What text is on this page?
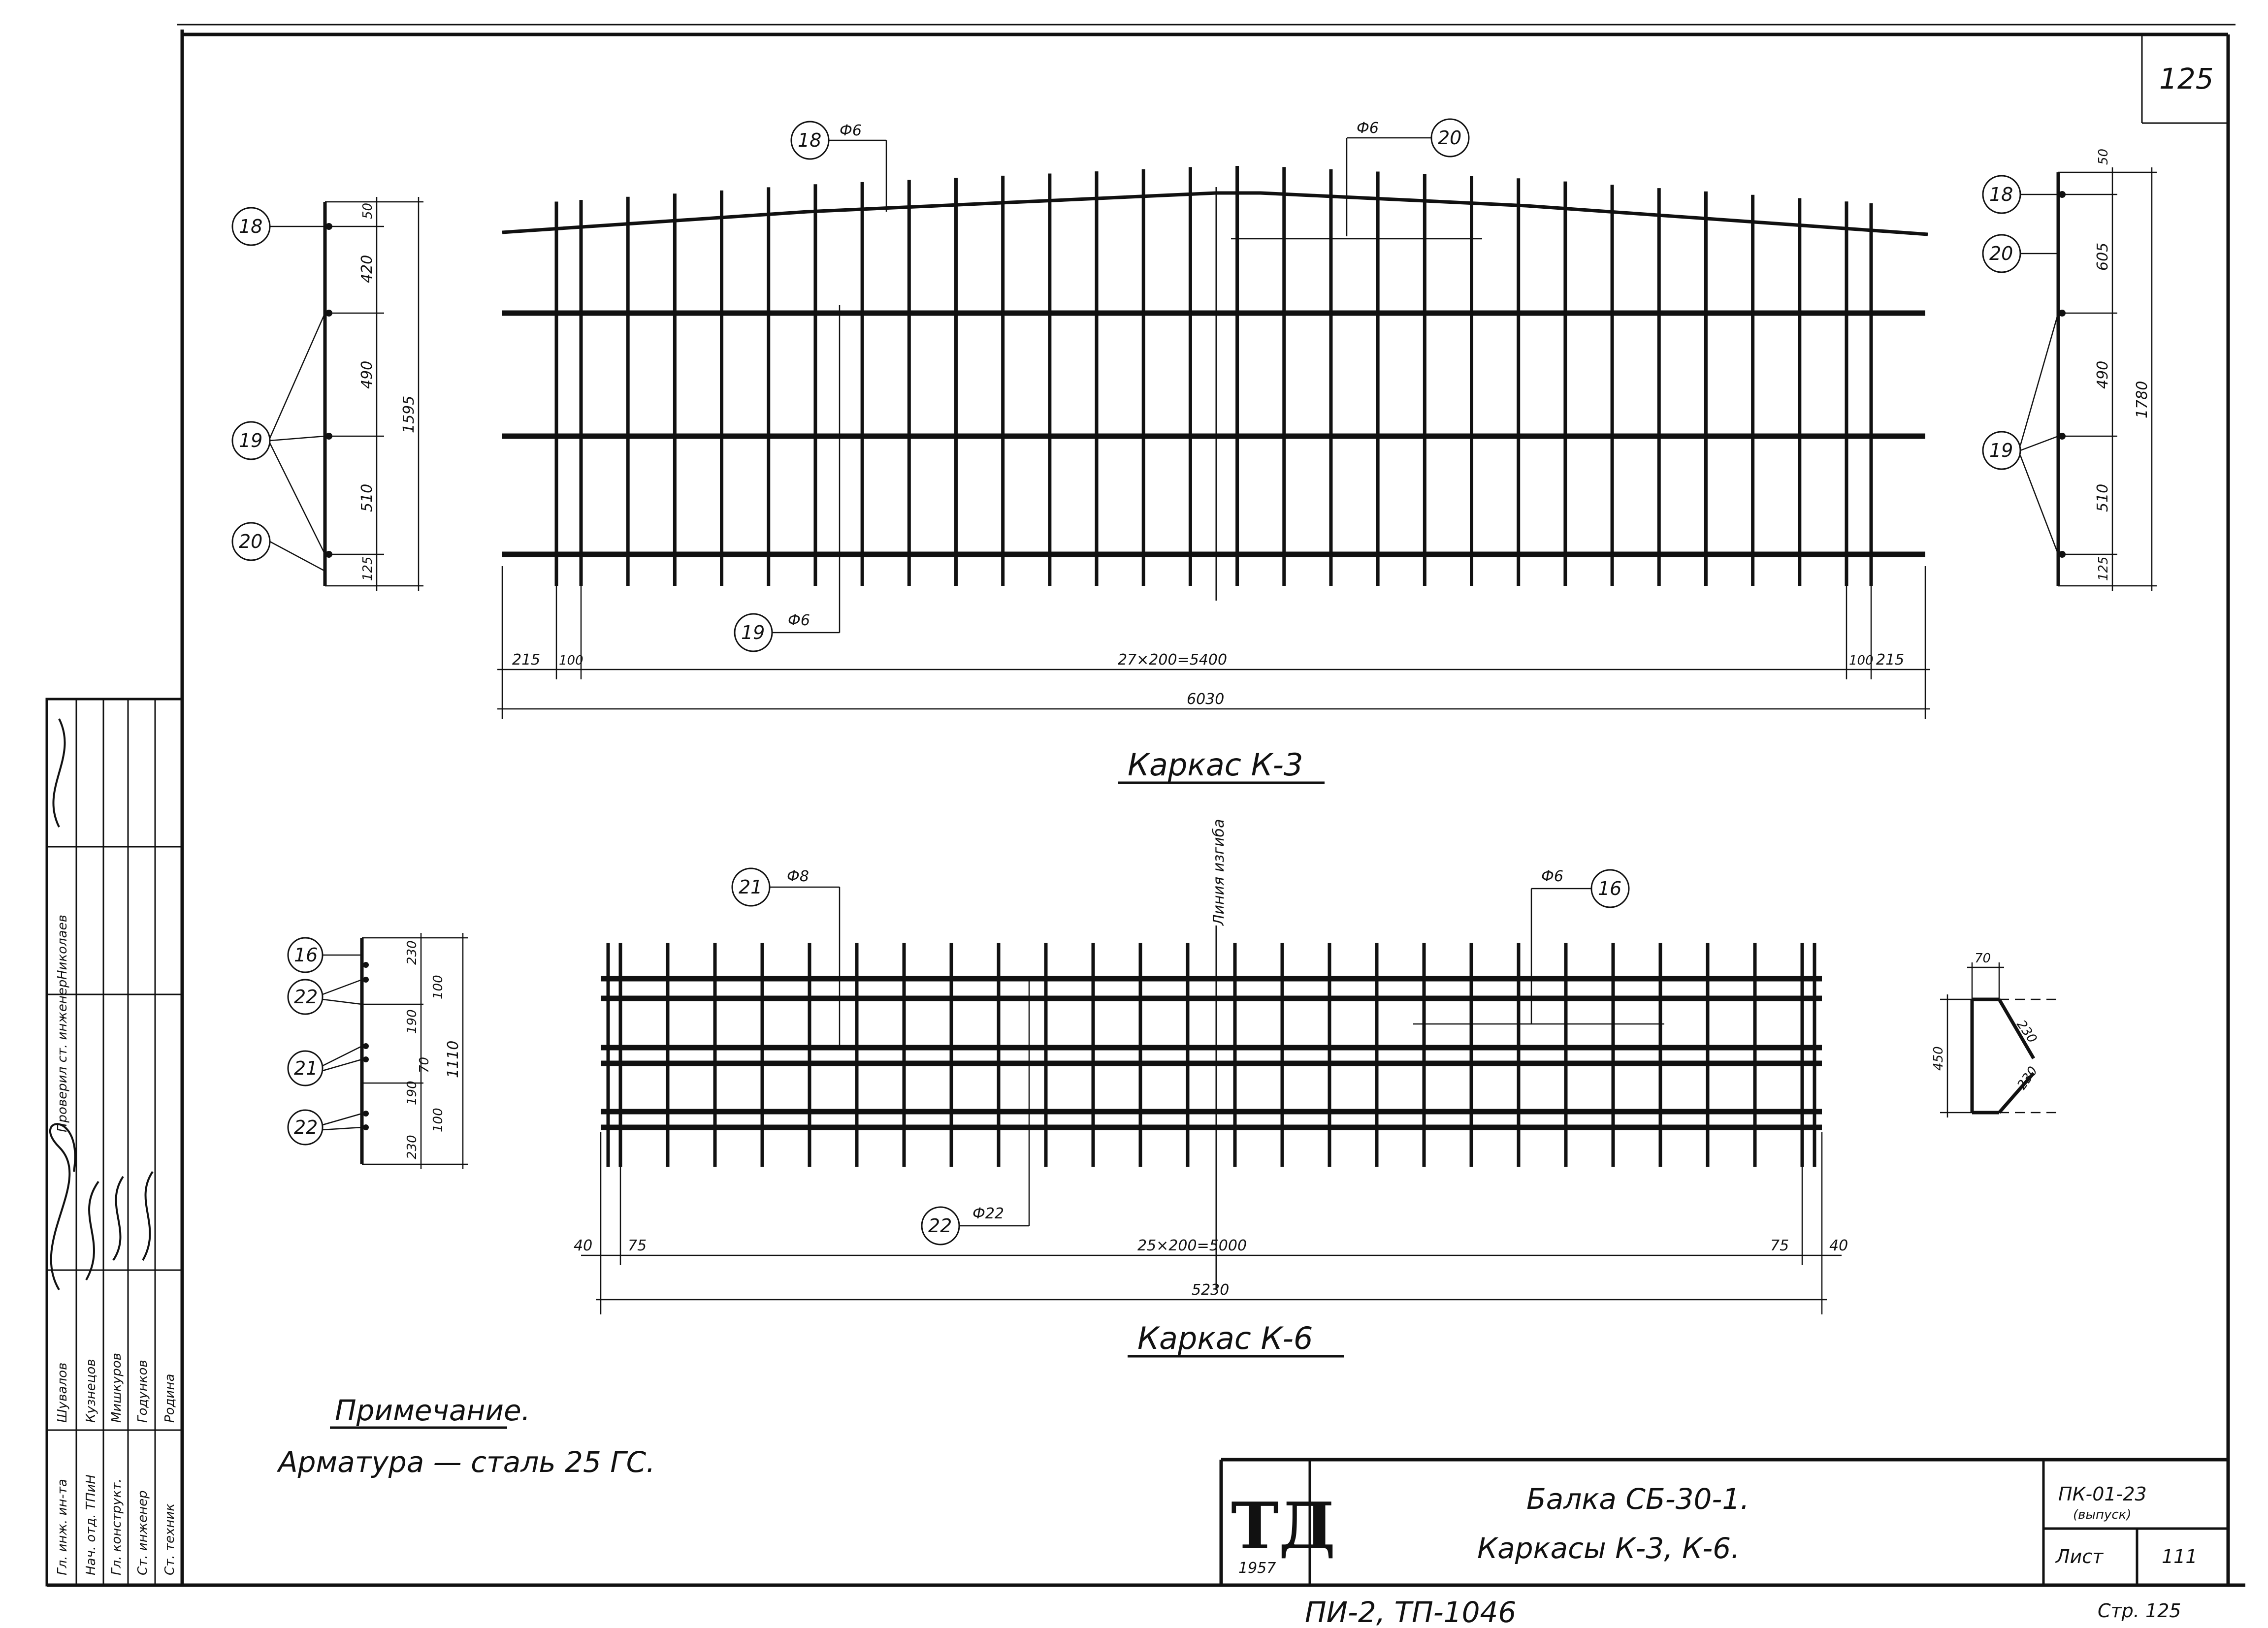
125
18 Ф6	20
Ф6
19
Ф6
215 100	27×200=5400	100 215
6030
Каркас К-3
50
420
490
510
125
1595
18
19
20
50
605
490
510
125
1780
18
20
19
Линия изгиба
21 Ф8
16
Ф6
22
Ф22
40 75	25×200=5000	75	40
5230
Каркас К-6
230
100
190
70
190
100
230
1110
16
22
21
22
70
450
230
230
Примечание.
Арматура — сталь 25 ГС.
ТД
1957
Балка СБ-30-1.
Каркасы К-3, К-6.
ПК-01-23
(выпуск)
Лист	111
ПИ-2, ТП-1046	Стр. 125
Гл. инж. ин-та
Шувалов
Нач. отд. ТПиН
Кузнецов
Гл. конструкт.
Мишкуров
Ст. инженер
Годунков
Ст. техник
Родина
Проверил ст. инженер
Николаев
